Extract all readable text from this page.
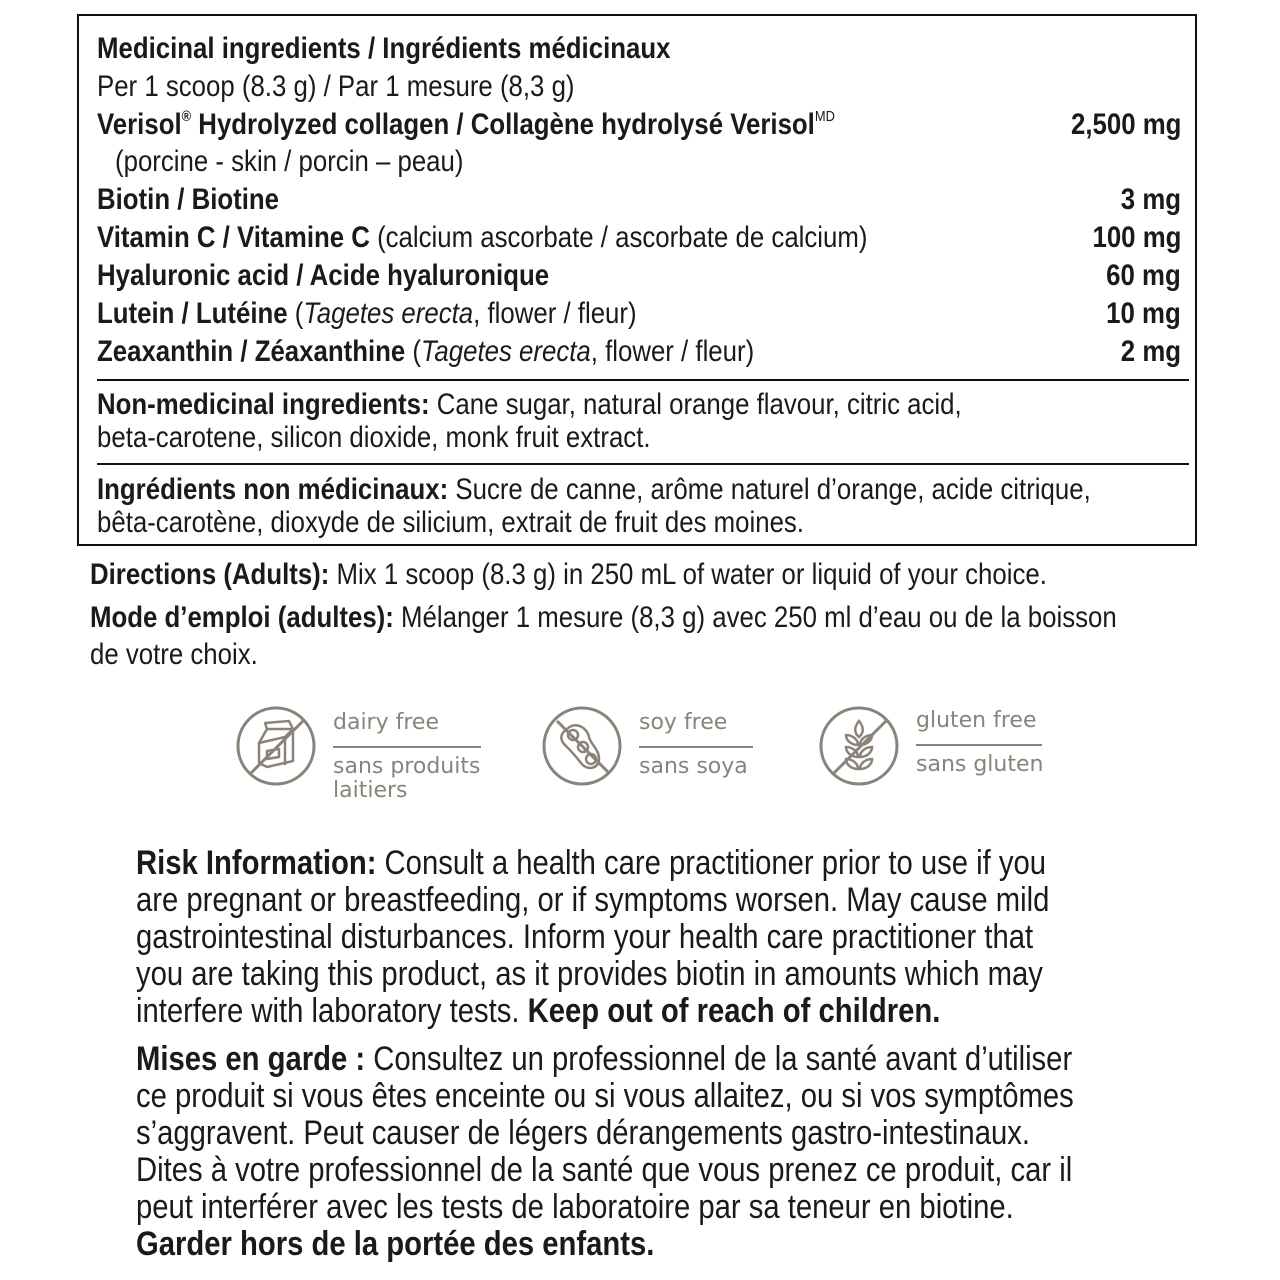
Medicinal ingredients / Ingrédients médicinaux
Per 1 scoop (8.3 g) / Par 1 mesure (8,3 g)
Verisol® Hydrolyzed collagen / Collagène hydrolysé Verisol$^{MD}$	2,500 mg
(porcine - skin / porcin – peau)
Biotin / Biotine	3 mg
Vitamin C / Vitamine C (calcium ascorbate / ascorbate de calcium)	100 mg
Hyaluronic acid / Acide hyaluronique	60 mg
Lutein / Lutéine (Tagetes erecta, flower / fleur)	10 mg
Zeaxanthin / Zéaxanthine (Tagetes erecta, flower / fleur)	2 mg
Non-medicinal ingredients: Cane sugar, natural orange flavour, citric acid,
beta-carotene, silicon dioxide, monk fruit extract.
Ingrédients non médicinaux: Sucre de canne, arôme naturel d’orange, acide citrique,
bêta-carotène, dioxyde de silicium, extrait de fruit des moines.
Directions (Adults): Mix 1 scoop (8.3 g) in 250 mL of water or liquid of your choice.
Mode d’emploi (adultes): Mélanger 1 mesure (8,3 g) avec 250 ml d’eau ou de la boisson
de votre choix.
dairy free
sans produits
laitiers
soy free
sans soya
gluten free
sans gluten
Risk Information: Consult a health care practitioner prior to use if you
are pregnant or breastfeeding, or if symptoms worsen. May cause mild
gastrointestinal disturbances. Inform your health care practitioner that
you are taking this product, as it provides biotin in amounts which may
interfere with laboratory tests. Keep out of reach of children.
Mises en garde : Consultez un professionnel de la santé avant d’utiliser
ce produit si vous êtes enceinte ou si vous allaitez, ou si vos symptômes
s’aggravent. Peut causer de légers dérangements gastro-intestinaux.
Dites à votre professionnel de la santé que vous prenez ce produit, car il
peut interférer avec les tests de laboratoire par sa teneur en biotine.
Garder hors de la portée des enfants.
